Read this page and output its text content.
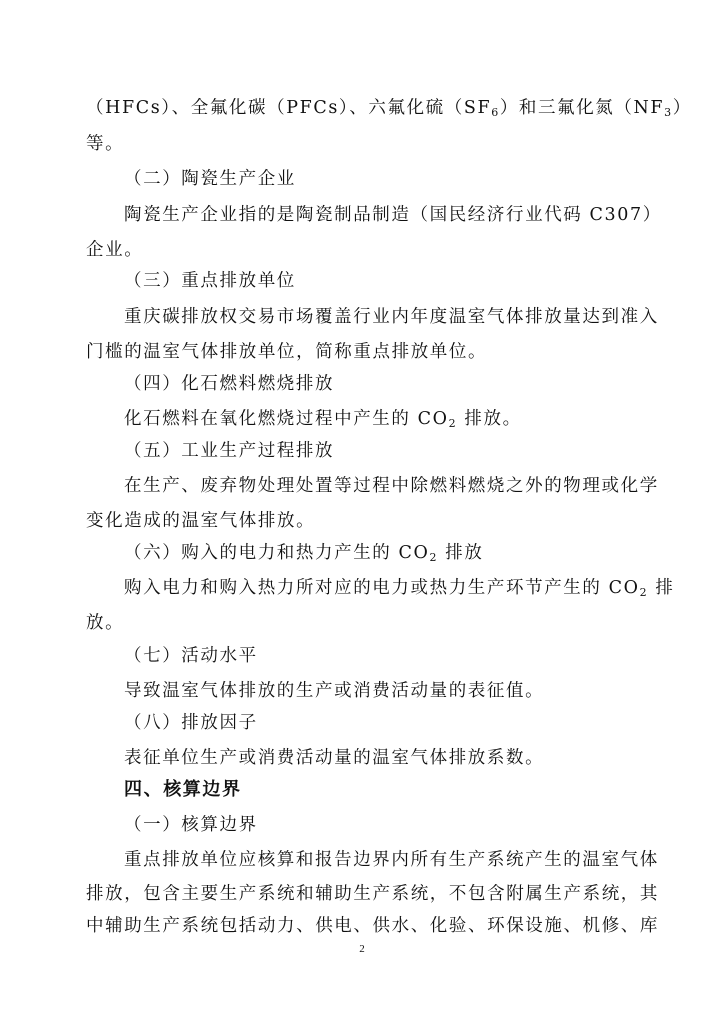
（HFCs）、全氟化碳（PFCs）、六氟化硫$(SF_6)$和三氟化氮$(NF_3)$
等。
（二）陶瓷生产企业
陶瓷生产企业指的是陶瓷制品制造（国民经济行业代码 C307）
企业。
（三）重点排放单位
重庆碳排放权交易市场覆盖行业内年度温室气体排放量达到准入
门槛的温室气体排放单位，简称重点排放单位。
（四）化石燃料燃烧排放
化石燃料在氧化燃烧过程中产生的 $CO_2$ 排放。
（五）工业生产过程排放
在生产、废弃物处理处置等过程中除燃料燃烧之外的物理或化学
变化造成的温室气体排放。
（六）购入的电力和热力产生的 $CO_2$ 排放
购入电力和购入热力所对应的电力或热力生产环节产生的 $CO_2$ 排
放。
（七）活动水平
导致温室气体排放的生产或消费活动量的表征值。
（八）排放因子
表征单位生产或消费活动量的温室气体排放系数。
四、核算边界
（一）核算边界
重点排放单位应核算和报告边界内所有生产系统产生的温室气体
排放，包含主要生产系统和辅助生产系统，不包含附属生产系统，其
中辅助生产系统包括动力、供电、供水、化验、环保设施、机修、库
2
